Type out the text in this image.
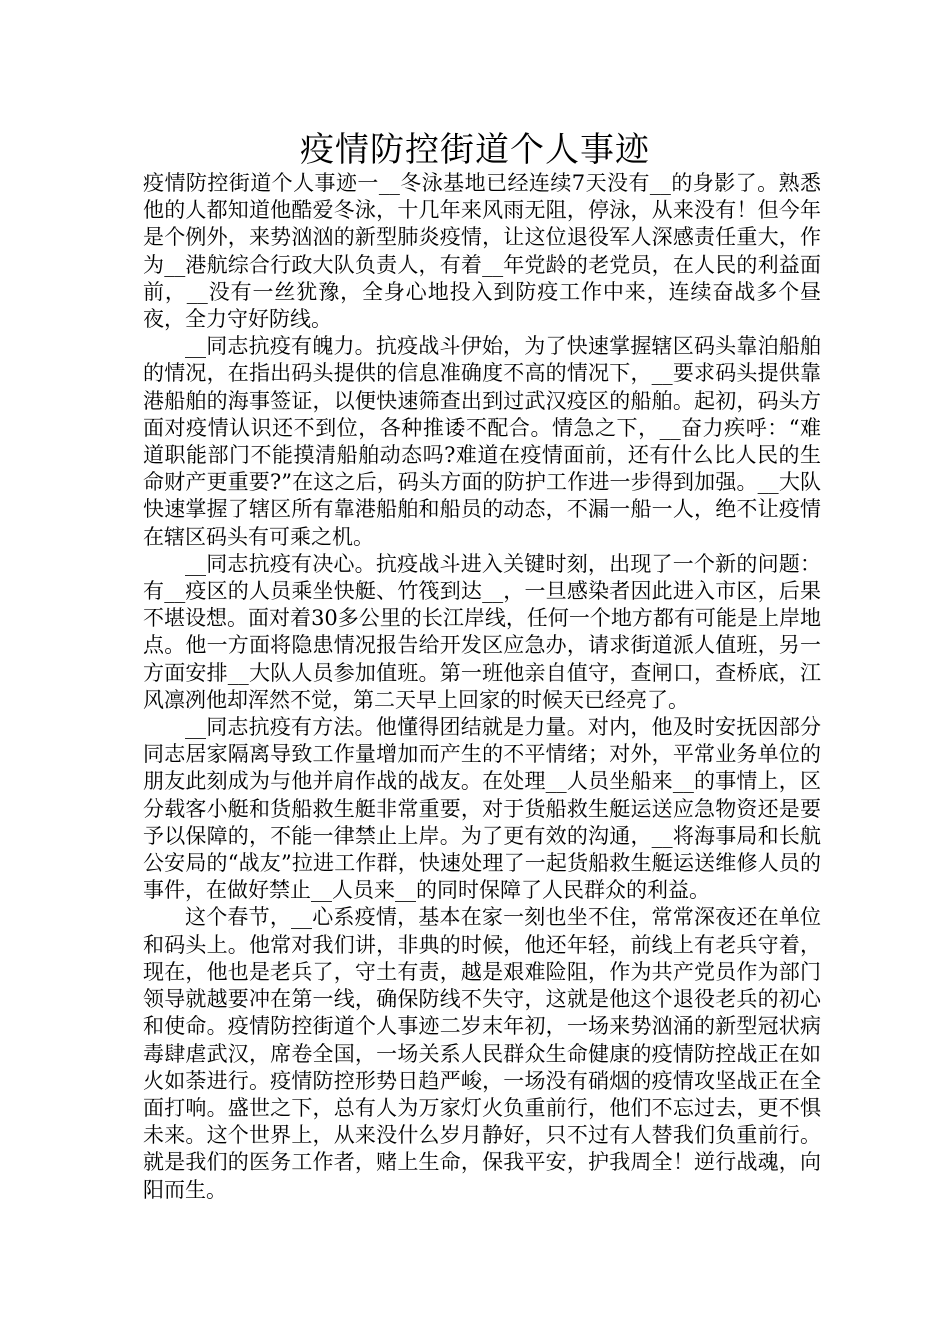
疫情防控街道个人事迹

疫情防控街道个人事迹一__冬泳基地已经连续7天没有__的身影了。熟悉他的人都知道他酷爱冬泳，十几年来风雨无阻，停泳，从来没有！但今年是个例外，来势汹汹的新型肺炎疫情，让这位退役军人深感责任重大，作为__港航综合行政大队负责人，有着__年党龄的老党员，在人民的利益面前，__没有一丝犹豫，全身心地投入到防疫工作中来，连续奋战多个昼夜，全力守好防线。

__同志抗疫有魄力。抗疫战斗伊始，为了快速掌握辖区码头靠泊船舶的情况，在指出码头提供的信息准确度不高的情况下，__要求码头提供靠港船舶的海事签证，以便快速筛查出到过武汉疫区的船舶。起初，码头方面对疫情认识还不到位，各种推诿不配合。情急之下，__奋力疾呼：“难道职能部门不能摸清船舶动态吗?难道在疫情面前，还有什么比人民的生命财产更重要?”在这之后，码头方面的防护工作进一步得到加强。__大队快速掌握了辖区所有靠港船舶和船员的动态，不漏一船一人，绝不让疫情在辖区码头有可乘之机。

__同志抗疫有决心。抗疫战斗进入关键时刻，出现了一个新的问题：有__疫区的人员乘坐快艇、竹筏到达__，一旦感染者因此进入市区，后果不堪设想。面对着30多公里的长江岸线，任何一个地方都有可能是上岸地点。他一方面将隐患情况报告给开发区应急办，请求街道派人值班，另一方面安排__大队人员参加值班。第一班他亲自值守，查闸口，查桥底，江风凛冽他却浑然不觉，第二天早上回家的时候天已经亮了。

__同志抗疫有方法。他懂得团结就是力量。对内，他及时安抚因部分同志居家隔离导致工作量增加而产生的不平情绪；对外，平常业务单位的朋友此刻成为与他并肩作战的战友。在处理__人员坐船来__的事情上，区分载客小艇和货船救生艇非常重要，对于货船救生艇运送应急物资还是要予以保障的，不能一律禁止上岸。为了更有效的沟通，__将海事局和长航公安局的“战友”拉进工作群，快速处理了一起货船救生艇运送维修人员的事件，在做好禁止__人员来__的同时保障了人民群众的利益。

这个春节，__心系疫情，基本在家一刻也坐不住，常常深夜还在单位和码头上。他常对我们讲，非典的时候，他还年轻，前线上有老兵守着，现在，他也是老兵了，守土有责，越是艰难险阻，作为共产党员作为部门领导就越要冲在第一线，确保防线不失守，这就是他这个退役老兵的初心和使命。疫情防控街道个人事迹二岁末年初，一场来势汹涌的新型冠状病毒肆虐武汉，席卷全国，一场关系人民群众生命健康的疫情防控战正在如火如荼进行。疫情防控形势日趋严峻，一场没有硝烟的疫情攻坚战正在全面打响。盛世之下，总有人为万家灯火负重前行，他们不忘过去，更不惧未来。这个世界上，从来没什么岁月静好，只不过有人替我们负重前行。就是我们的医务工作者，赌上生命，保我平安，护我周全！逆行战魂，向阳而生。
